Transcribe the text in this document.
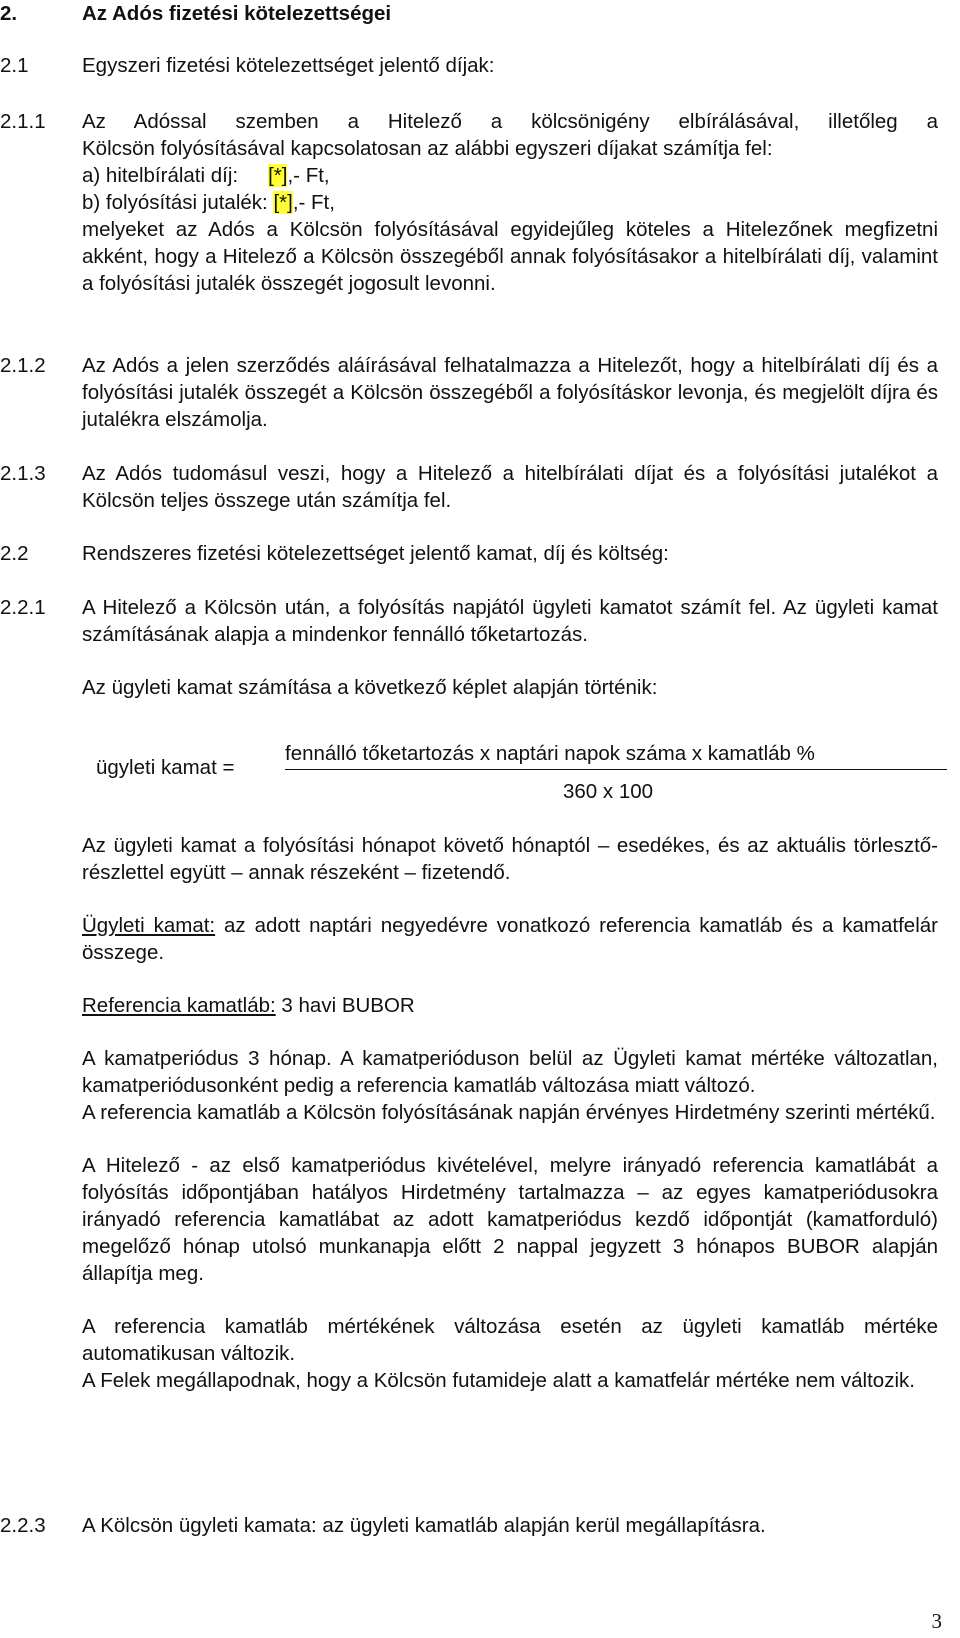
2.	Az Adós fizetési kötelezettségei
2.1	Egyszeri fizetési kötelezettséget jelentő díjak:
2.1.1 Az Adóssal szemben a Hitelező a kölcsönigény elbírálásával, illetőleg a

Kölcsön folyósításával kapcsolatosan az alábbi egyszeri díjakat számítja fel:

a) hitelbírálati díj: [*],- Ft,

b) folyósítási jutalék: [*],- Ft,

melyeket az Adós a Kölcsön folyósításával egyidejűleg köteles a Hitelezőnek megfizetni akként, hogy a Hitelező a Kölcsön összegéből annak folyósításakor a hitelbírálati díj, valamint a folyósítási jutalék összegét jogosult levonni.

2.1.2 Az Adós a jelen szerződés aláírásával felhatalmazza a Hitelezőt, hogy a hitelbírálati díj és a folyósítási jutalék összegét a Kölcsön összegéből a folyósításkor levonja, és megjelölt díjra és jutalékra elszámolja.

2.1.3 Az Adós tudomásul veszi, hogy a Hitelező a hitelbírálati díjat és a folyósítási jutalékot a Kölcsön teljes összege után számítja fel.

2.2	Rendszeres fizetési kötelezettséget jelentő kamat, díj és költség:
2.2.1 A Hitelező a Kölcsön után, a folyósítás napjától ügyleti kamatot számít fel. Az ügyleti kamat számításának alapja a mindenkor fennálló tőketartozás.

Az ügyleti kamat számítása a következő képlet alapján történik:

ügyleti kamat =
fennálló tőketartozás x naptári napok száma x kamatláb %
360 x 100

Az ügyleti kamat a folyósítási hónapot követő hónaptól – esedékes, és az aktuális törlesztő-részlettel együtt – annak részeként – fizetendő.

Ügyleti kamat: az adott naptári negyedévre vonatkozó referencia kamatláb és a kamatfelár összege.

Referencia kamatláb: 3 havi BUBOR

A kamatperiódus 3 hónap. A kamatperióduson belül az Ügyleti kamat mértéke változatlan, kamatperiódusonként pedig a referencia kamatláb változása miatt változó.

A referencia kamatláb a Kölcsön folyósításának napján érvényes Hirdetmény szerinti mértékű.

A Hitelező - az első kamatperiódus kivételével, melyre irányadó referencia kamatlábát a folyósítás időpontjában hatályos Hirdetmény tartalmazza – az egyes kamatperiódusokra irányadó referencia kamatlábat az adott kamatperiódus kezdő időpontját (kamatforduló) megelőző hónap utolsó munkanapja előtt 2 nappal jegyzett 3 hónapos BUBOR alapján állapítja meg.

A referencia kamatláb mértékének változása esetén az ügyleti kamatláb mértéke automatikusan változik.

A Felek megállapodnak, hogy a Kölcsön futamideje alatt a kamatfelár mértéke nem változik.

2.2.3 A Kölcsön ügyleti kamata: az ügyleti kamatláb alapján kerül megállapításra.

3
